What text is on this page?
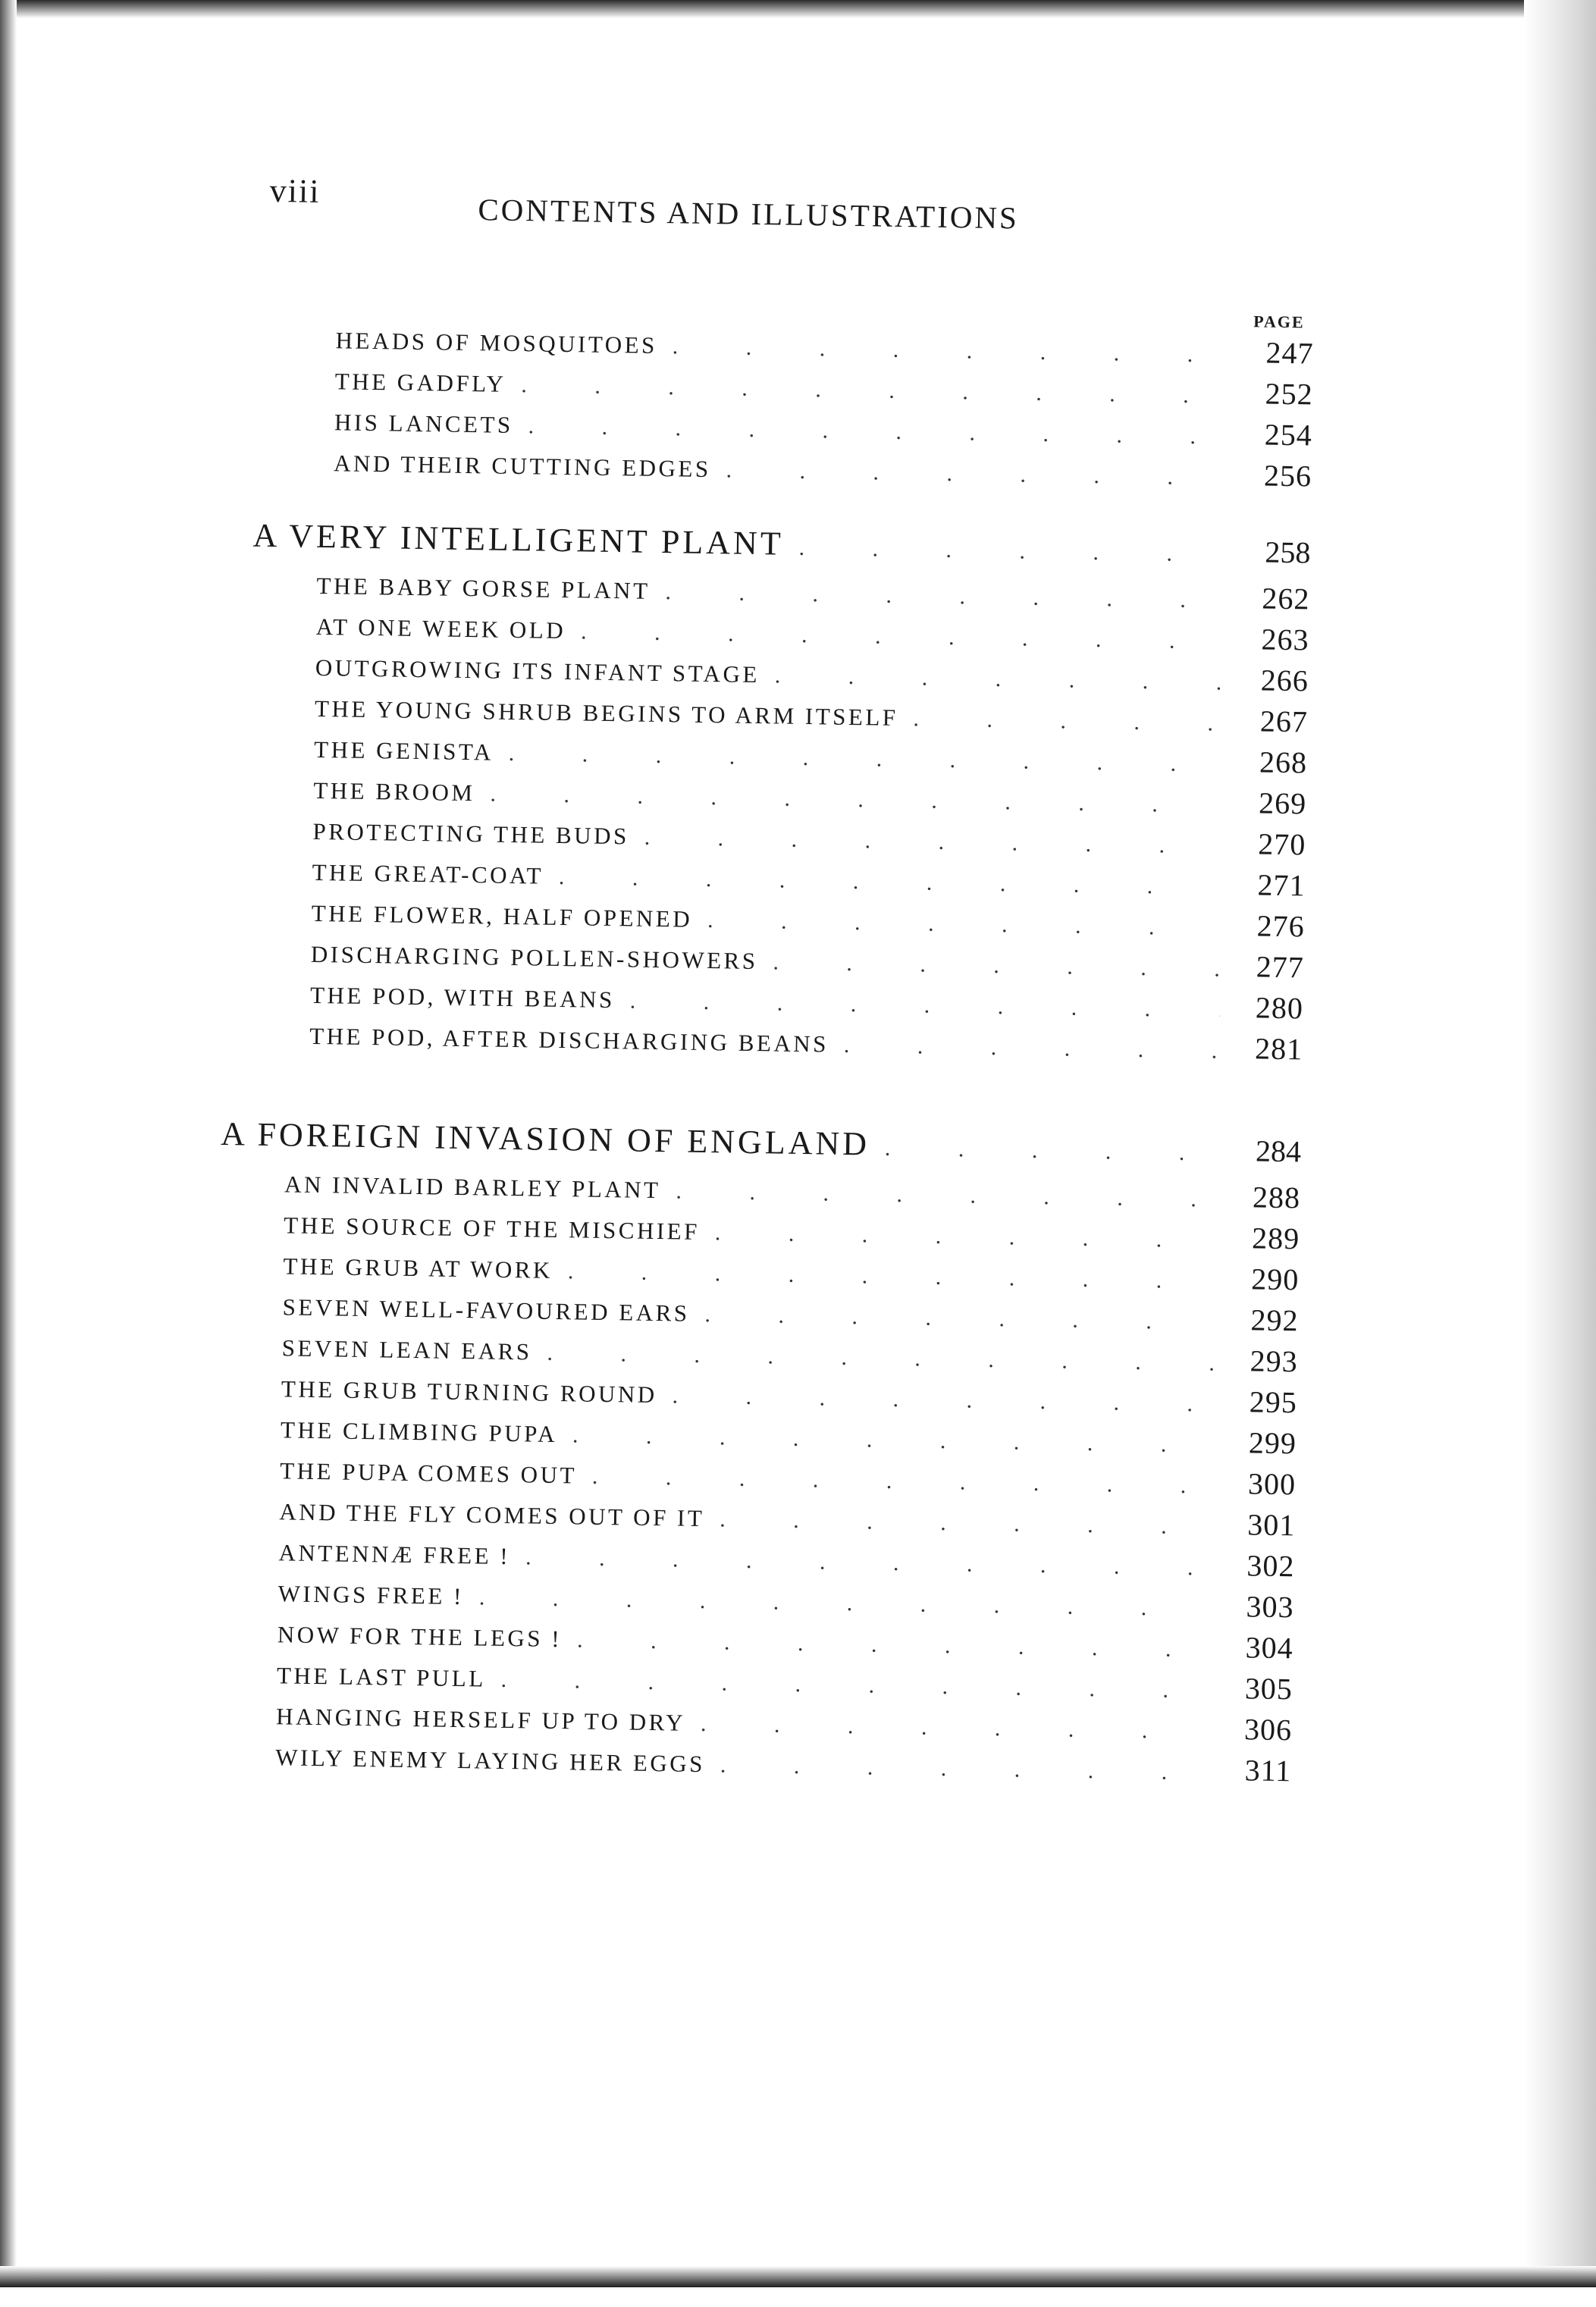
viii
CONTENTS AND ILLUSTRATIONS
PAGE
HEADS OF MOSQUITOES . . .	247
THE GADFLY . . .	252
HIS LANCETS . . .	254
AND THEIR CUTTING EDGES . . .	256
A VERY INTELLIGENT PLANT . . .	258
THE BABY GORSE PLANT . . .	262
AT ONE WEEK OLD . . .	263
OUTGROWING ITS INFANT STAGE . . .	266
THE YOUNG SHRUB BEGINS TO ARM ITSELF . . .	267
THE GENISTA . . .	268
THE BROOM . . .	269
PROTECTING THE BUDS . . .	270
THE GREAT-COAT . . .	271
THE FLOWER, HALF OPENED . . .	276
DISCHARGING POLLEN-SHOWERS . . .	277
THE POD, WITH BEANS . . .	280
THE POD, AFTER DISCHARGING BEANS . . .	281
A FOREIGN INVASION OF ENGLAND . . .	284
AN INVALID BARLEY PLANT . . .	288
THE SOURCE OF THE MISCHIEF . . .	289
THE GRUB AT WORK . . .	290
SEVEN WELL-FAVOURED EARS . . .	292
SEVEN LEAN EARS . . .	293
THE GRUB TURNING ROUND . . .	295
THE CLIMBING PUPA . . .	299
THE PUPA COMES OUT . . .	300
AND THE FLY COMES OUT OF IT . . .	301
ANTENNÆ FREE ! . . .	302
WINGS FREE ! . . .	303
NOW FOR THE LEGS ! . . .	304
THE LAST PULL . . .	305
HANGING HERSELF UP TO DRY . . .	306
WILY ENEMY LAYING HER EGGS . . .	311
